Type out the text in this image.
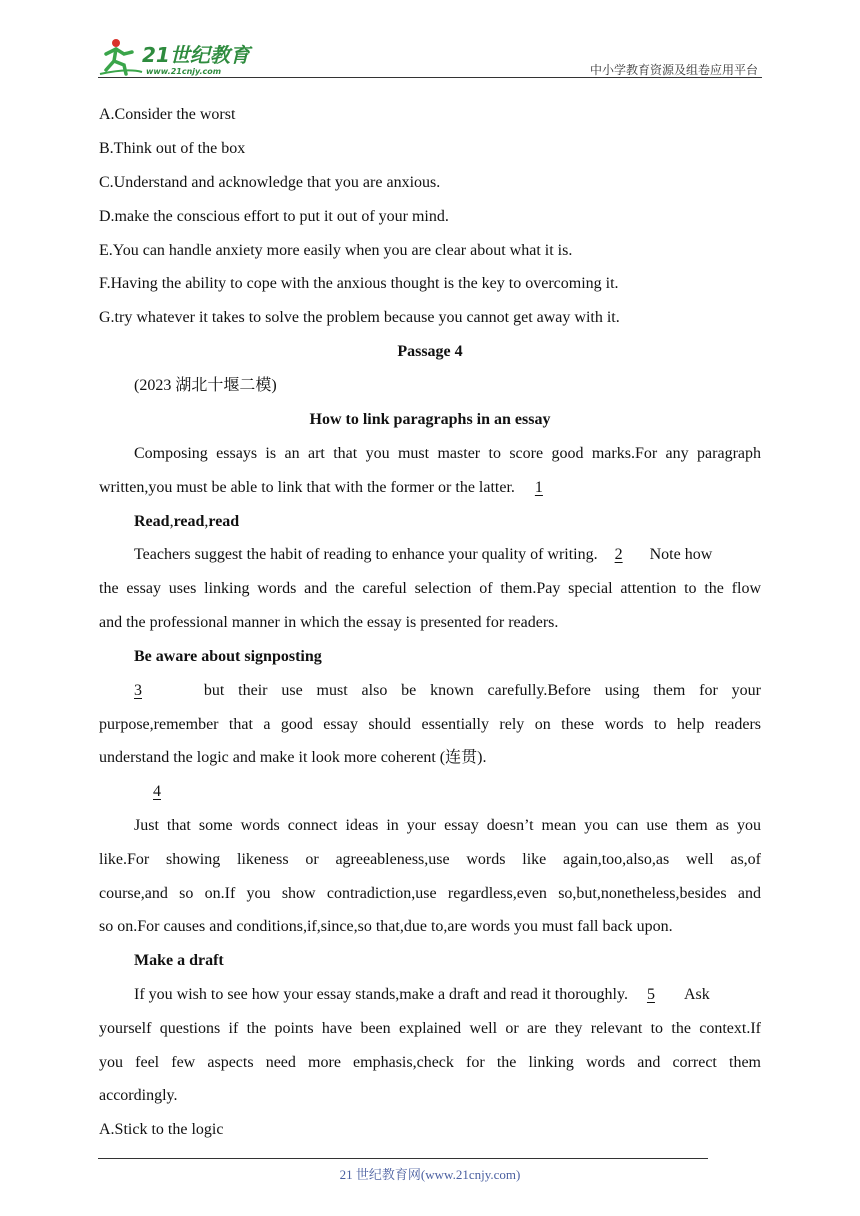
21世纪教育
www.21cnjy.com	中小学教育资源及组卷应用平台
A.Consider the worst
B.Think out of the box
C.Understand and acknowledge that you are anxious.
D.make the conscious effort to put it out of your mind.
E.You can handle anxiety more easily when you are clear about what it is.
F.Having the ability to cope with the anxious thought is the key to overcoming it.
G.try whatever it takes to solve the problem because you cannot get away with it.
Passage 4
(2023 湖北十堰二模)
How to link paragraphs in an essay
Composing essays is an art that you must master to score good marks.For any paragraph
written,you must be able to link that with the former or the latter. 1
Read,read,read
Teachers suggest the habit of reading to enhance your quality of writing. 2 Note how
the essay uses linking words and the careful selection of them.Pay special attention to the flow
and the professional manner in which the essay is presented for readers.
Be aware about signposting
3	but their use must also be known carefully.Before using them for your
purpose,remember that a good essay should essentially rely on these words to help readers
understand the logic and make it look more coherent (连贯).
4
Just that some words connect ideas in your essay doesn’t mean you can use them as you
like.For showing likeness or agreeableness,use words like again,too,also,as well as,of
course,and so on.If you show contradiction,use regardless,even so,but,nonetheless,besides and
so on.For causes and conditions,if,since,so that,due to,are words you must fall back upon.
Make a draft
If you wish to see how your essay stands,make a draft and read it thoroughly. 5 Ask
yourself questions if the points have been explained well or are they relevant to the context.If
you feel few aspects need more emphasis,check for the linking words and correct them
accordingly.
A.Stick to the logic
21 世纪教育网(www.21cnjy.com)
